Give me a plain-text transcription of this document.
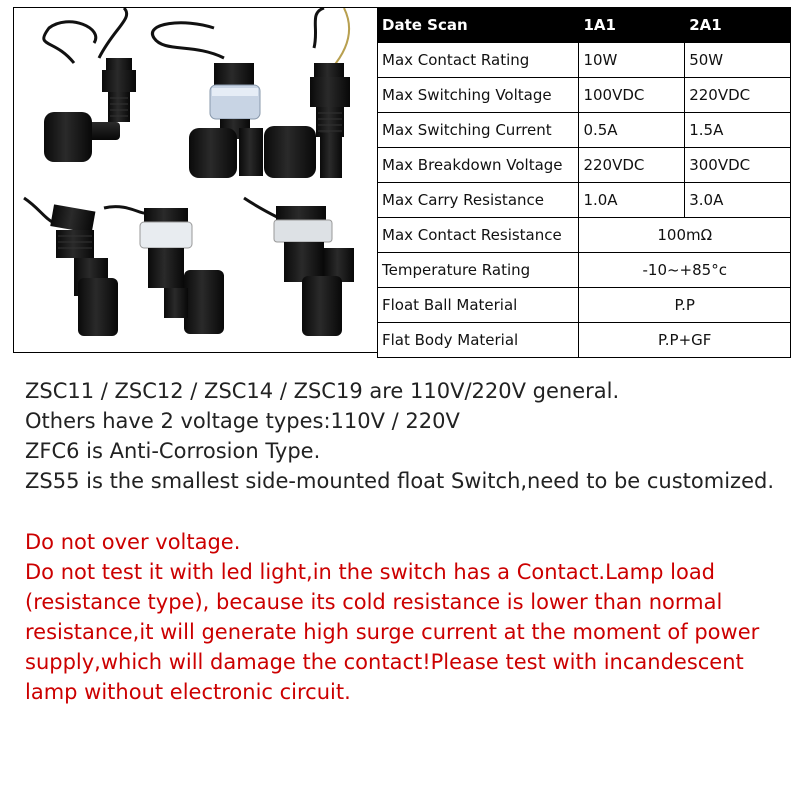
Date Scan	1A1	2A1
Max Contact Rating	10W	50W
Max Switching Voltage	100VDC	220VDC
Max Switching Current	0.5A	1.5A
Max Breakdown Voltage	220VDC	300VDC
Max Carry Resistance	1.0A	3.0A
Max Contact Resistance	100mΩ	
Temperature Rating	-10~+85°c	
Float Ball Material	P.P	
Flat Body Material	P.P+GF	

ZSC11 / ZSC12 / ZSC14 / ZSC19 are 110V/220V general.

Others have 2 voltage types:110V / 220V

ZFC6 is Anti-Corrosion Type.

ZS55 is the smallest side-mounted float Switch,need to be customized.

Do not over voltage.

Do not test it with led light,in the switch has a Contact.Lamp load (resistance type), because its cold resistance is lower than normal resistance,it will generate high surge current at the moment of power supply,which will damage the contact!Please test with incandescent lamp without electronic circuit.
